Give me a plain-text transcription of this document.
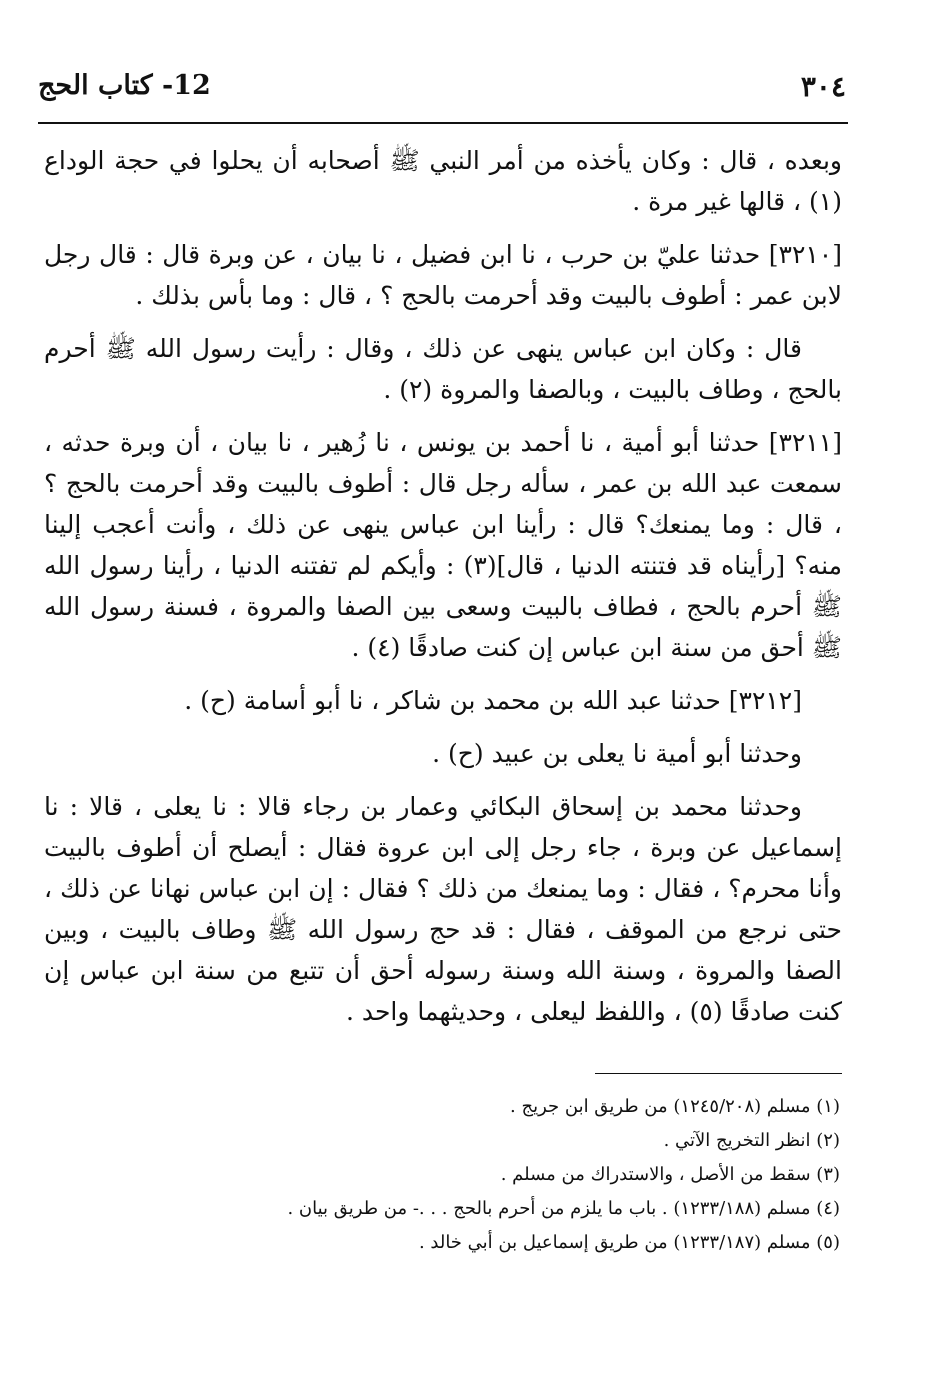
٣٠٤
12- كتاب الحج

وبعده ، قال : وكان يأخذه من أمر النبي ﷺ أصحابه أن يحلوا في حجة الوداع (١) ، قالها غير مرة .

[٣٢١٠] حدثنا عليّ بن حرب ، نا ابن فضيل ، نا بيان ، عن وبرة قال : قال رجل لابن عمر : أطوف بالبيت وقد أحرمت بالحج ؟ ، قال : وما بأس بذلك .

قال : وكان ابن عباس ينهى عن ذلك ، وقال : رأيت رسول الله ﷺ أحرم بالحج ، وطاف بالبيت ، وبالصفا والمروة (٢) .

[٣٢١١] حدثنا أبو أمية ، نا أحمد بن يونس ، نا زُهير ، نا بيان ، أن وبرة حدثه ، سمعت عبد الله بن عمر ، سأله رجل قال : أطوف بالبيت وقد أحرمت بالحج ؟ ، قال : وما يمنعك؟ قال : رأينا ابن عباس ينهى عن ذلك ، وأنت أعجب إلينا منه؟ [رأيناه قد فتنته الدنيا ، قال](٣) : وأيكم لم تفتنه الدنيا ، رأينا رسول الله ﷺ أحرم بالحج ، فطاف بالبيت وسعى بين الصفا والمروة ، فسنة رسول الله ﷺ أحق من سنة ابن عباس إن كنت صادقًا (٤) .

[٣٢١٢] حدثنا عبد الله بن محمد بن شاكر ، نا أبو أسامة (ح) .

وحدثنا أبو أمية نا يعلى بن عبيد (ح) .

وحدثنا محمد بن إسحاق البكائي وعمار بن رجاء قالا : نا يعلى ، قالا : نا إسماعيل عن وبرة ، جاء رجل إلى ابن عروة فقال : أيصلح أن أطوف بالبيت وأنا محرم؟ ، فقال : وما يمنعك من ذلك ؟ فقال : إن ابن عباس نهانا عن ذلك ، حتى نرجع من الموقف ، فقال : قد حج رسول الله ﷺ وطاف بالبيت ، وبين الصفا والمروة ، وسنة الله وسنة رسوله أحق أن تتبع من سنة ابن عباس إن كنت صادقًا (٥) ، واللفظ ليعلى ، وحديثهما واحد .

(١) مسلم (١٢٤٥/٢٠٨) من طريق ابن جريج .

(٢) انظر التخريج الآتي .

(٣) سقط من الأصل ، والاستدراك من مسلم .

(٤) مسلم (١٢٣٣/١٨٨) . باب ما يلزم من أحرم بالحج . . .- من طريق بيان .

(٥) مسلم (١٢٣٣/١٨٧) من طريق إسماعيل بن أبي خالد .
